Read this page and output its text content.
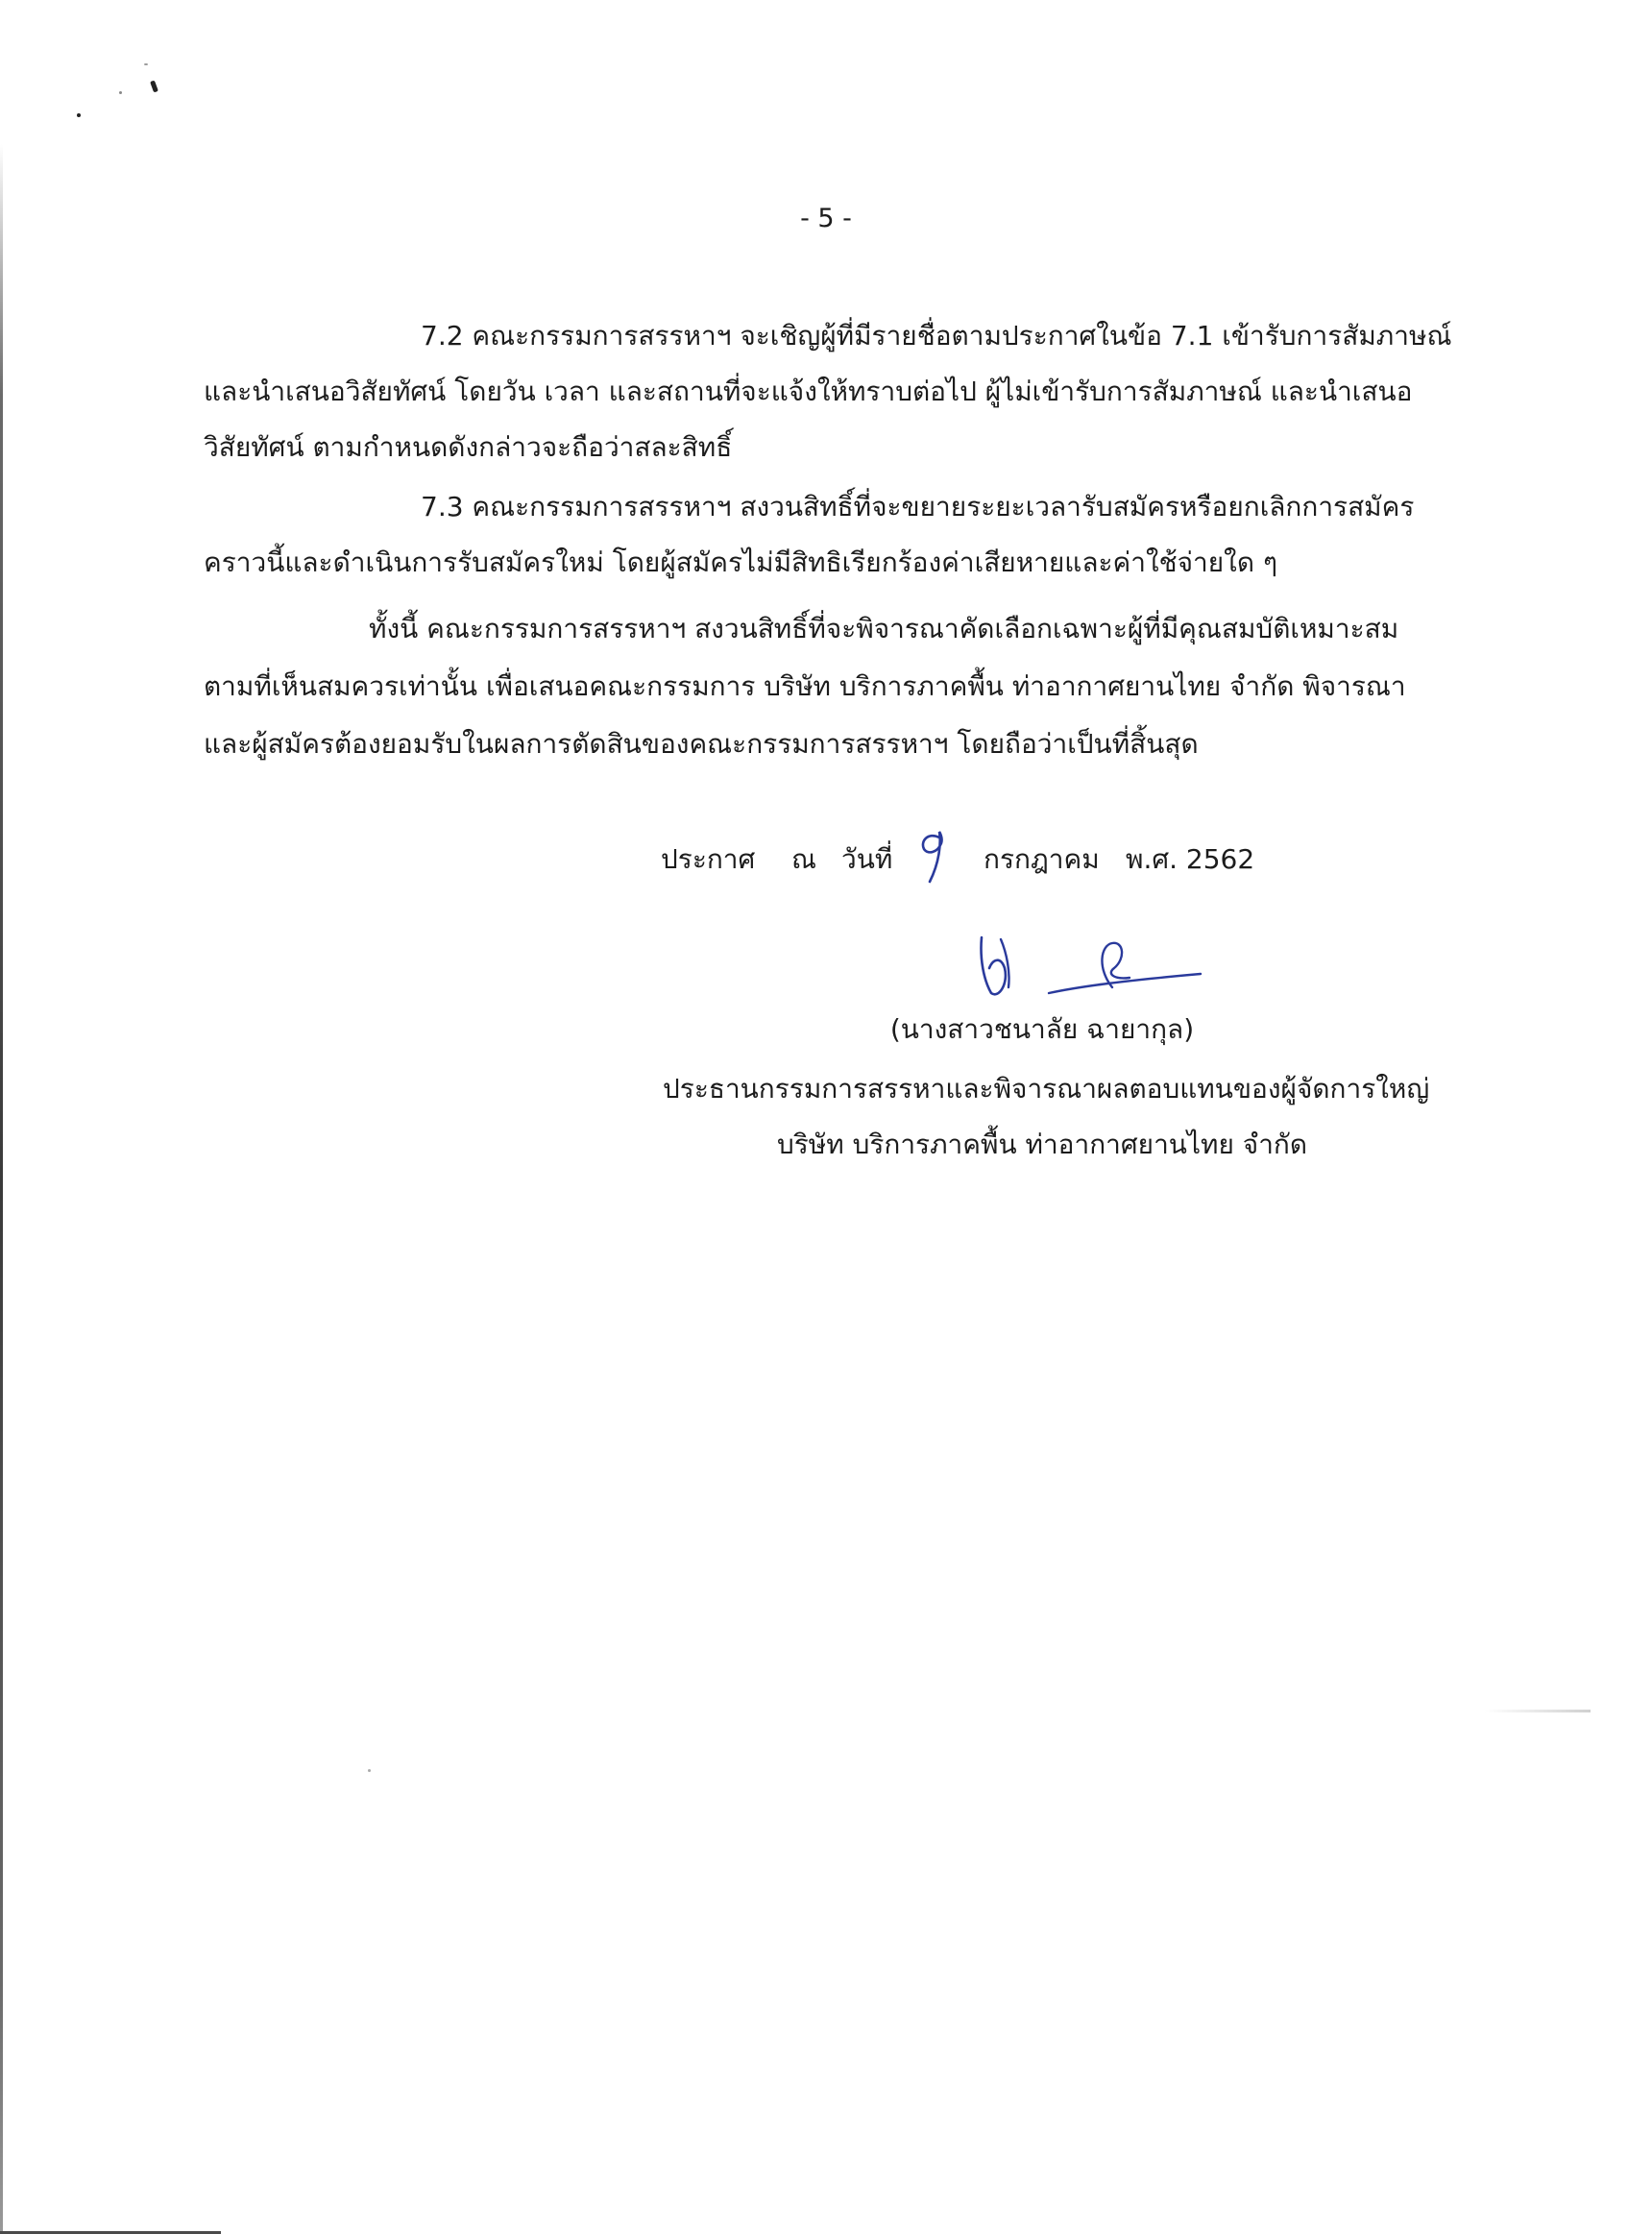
- 5 -
7.2 คณะกรรมการสรรหาฯ จะเชิญผู้ที่มีรายชื่อตามประกาศในข้อ 7.1 เข้ารับการสัมภาษณ์
และนำเสนอวิสัยทัศน์ โดยวัน เวลา และสถานที่จะแจ้งให้ทราบต่อไป ผู้ไม่เข้ารับการสัมภาษณ์ และนำเสนอ
วิสัยทัศน์ ตามกำหนดดังกล่าวจะถือว่าสละสิทธิ์
7.3 คณะกรรมการสรรหาฯ สงวนสิทธิ์ที่จะขยายระยะเวลารับสมัครหรือยกเลิกการสมัคร
คราวนี้และดำเนินการรับสมัครใหม่ โดยผู้สมัครไม่มีสิทธิเรียกร้องค่าเสียหายและค่าใช้จ่ายใด ๆ
ทั้งนี้ คณะกรรมการสรรหาฯ สงวนสิทธิ์ที่จะพิจารณาคัดเลือกเฉพาะผู้ที่มีคุณสมบัติเหมาะสม
ตามที่เห็นสมควรเท่านั้น เพื่อเสนอคณะกรรมการ บริษัท บริการภาคพื้น ท่าอากาศยานไทย จำกัด พิจารณา
และผู้สมัครต้องยอมรับในผลการตัดสินของคณะกรรมการสรรหาฯ โดยถือว่าเป็นที่สิ้นสุด
ประกาศ ณ วันที่
9
กรกฎาคม พ.ศ. 2562
(นางสาวชนาลัย ฉายากุล)
ประธานกรรมการสรรหาและพิจารณาผลตอบแทนของผู้จัดการใหญ่
บริษัท บริการภาคพื้น ท่าอากาศยานไทย จำกัด
